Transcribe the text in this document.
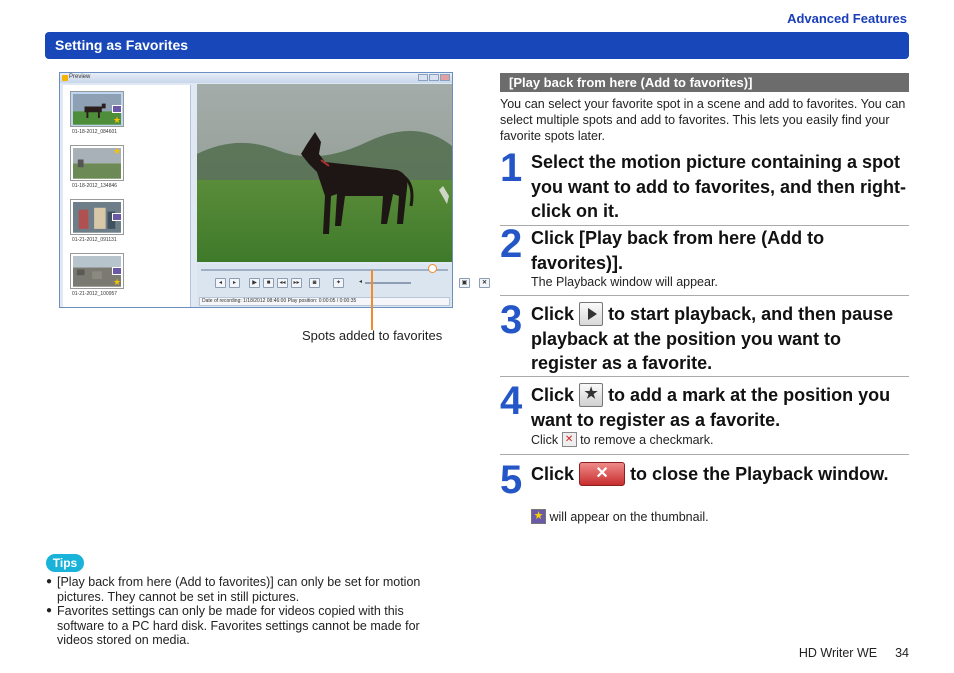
Advanced Features
Setting as Favorites
Preview
★
01-18-2012_084601
★
01-18-2012_134846
01-21-2012_091131
★
01-21-2012_100957
◂	▸	▶	■	◂◂	▸▸	◙	✦	◂	▣	✕
Date of recording: 1/18/2012 08:46:00 Play position: 0:00:05 / 0:00:35
Spots added to favorites
[Play back from here (Add to favorites)]
You can select your favorite spot in a scene and add to favorites. You can select multiple spots and add to favorites. This lets you easily find your favorite spots later.
1 Select the motion picture containing a spot you want to add to favorites, and then right-click on it.
2 Click [Play back from here (Add to favorites)].
The Playback window will appear.
3 Click to start playback, and then pause playback at the position you want to register as a favorite.
4 Click ★ to add a mark at the position you want to register as a favorite.
Click ✕ to remove a checkmark.
5 Click ✕ to close the Playback window.
★ will appear on the thumbnail.
Tips
● [Play back from here (Add to favorites)] can only be set for motion pictures. They cannot be set in still pictures.
● Favorites settings can only be made for videos copied with this software to a PC hard disk. Favorites settings cannot be made for videos stored on media.
HD Writer WE 34
